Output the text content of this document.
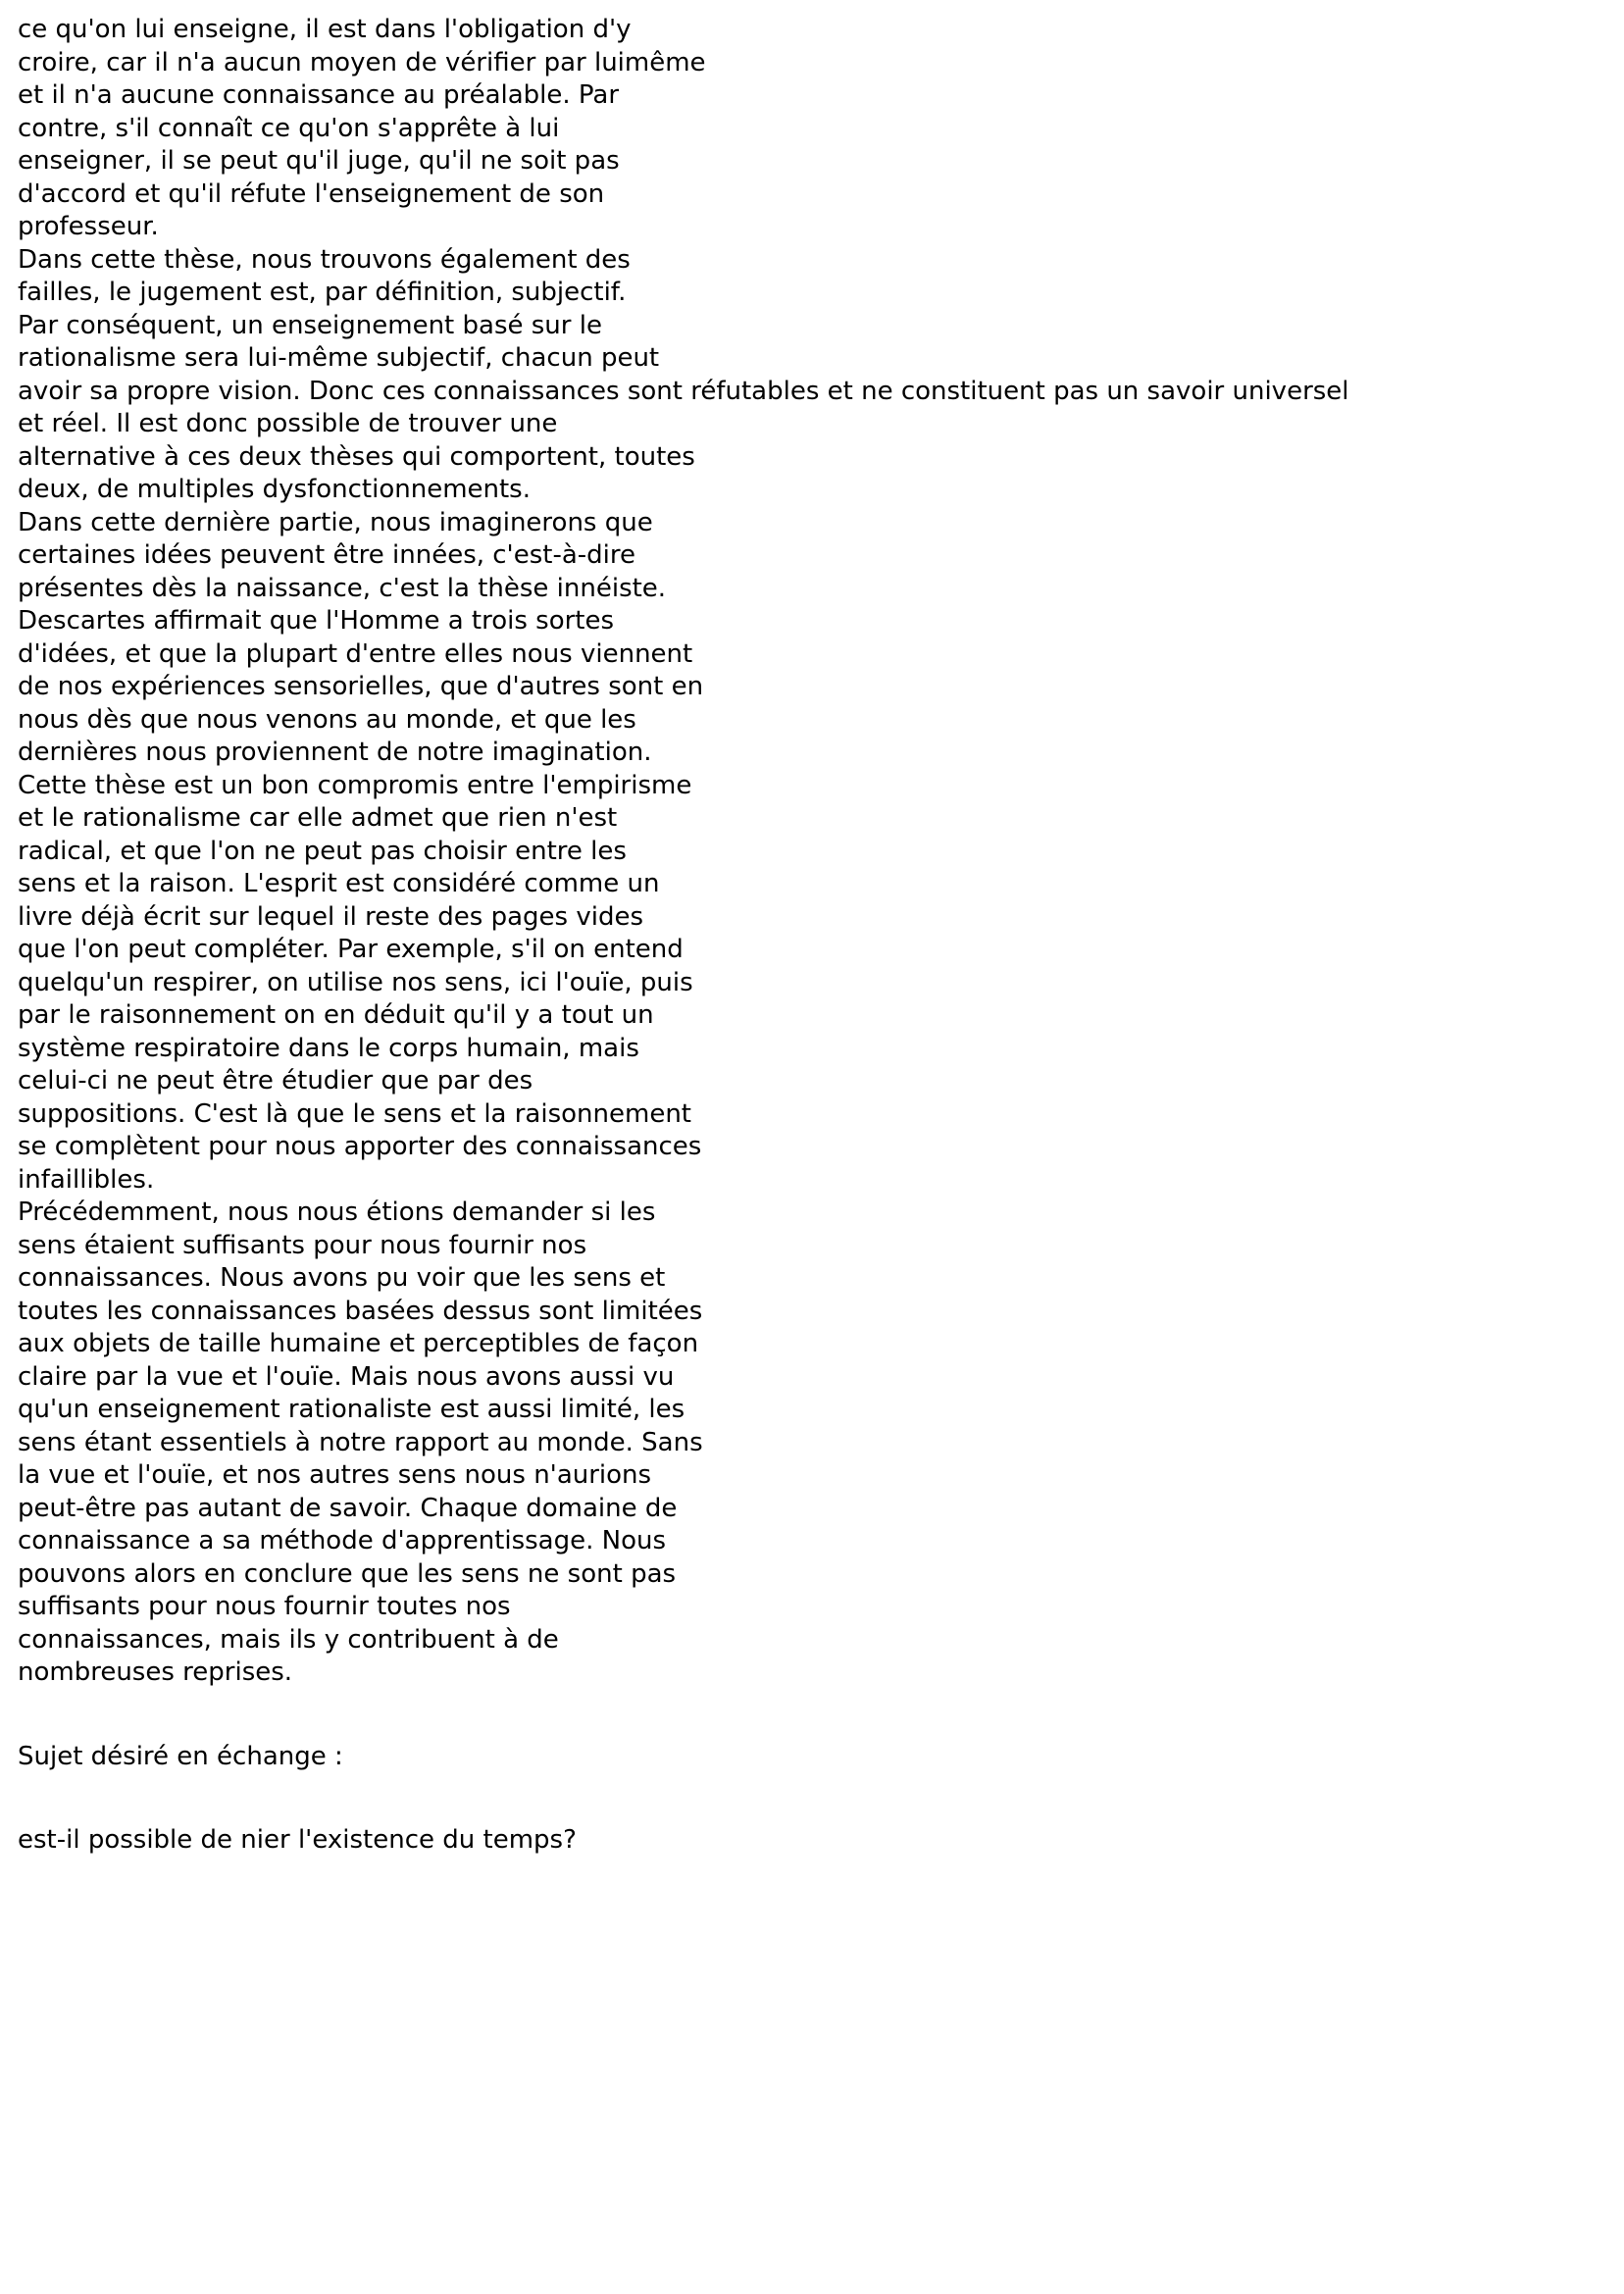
ce qu'on lui enseigne, il est dans l'obligation d'y
croire, car il n'a aucun moyen de vérifier par luimême
et il n'a aucune connaissance au préalable. Par
contre, s'il connaît ce qu'on s'apprête à lui
enseigner, il se peut qu'il juge, qu'il ne soit pas
d'accord et qu'il réfute l'enseignement de son
professeur.
Dans cette thèse, nous trouvons également des
failles, le jugement est, par définition, subjectif.
Par conséquent, un enseignement basé sur le
rationalisme sera lui-même subjectif, chacun peut
avoir sa propre vision. Donc ces connaissances sont réfutables et ne constituent pas un savoir universel
et réel. Il est donc possible de trouver une
alternative à ces deux thèses qui comportent, toutes
deux, de multiples dysfonctionnements.
Dans cette dernière partie, nous imaginerons que
certaines idées peuvent être innées, c'est-à-dire
présentes dès la naissance, c'est la thèse innéiste.
Descartes affirmait que l'Homme a trois sortes
d'idées, et que la plupart d'entre elles nous viennent
de nos expériences sensorielles, que d'autres sont en
nous dès que nous venons au monde, et que les
dernières nous proviennent de notre imagination.
Cette thèse est un bon compromis entre l'empirisme
et le rationalisme car elle admet que rien n'est
radical, et que l'on ne peut pas choisir entre les
sens et la raison. L'esprit est considéré comme un
livre déjà écrit sur lequel il reste des pages vides
que l'on peut compléter. Par exemple, s'il on entend
quelqu'un respirer, on utilise nos sens, ici l'ouïe, puis
par le raisonnement on en déduit qu'il y a tout un
système respiratoire dans le corps humain, mais
celui-ci ne peut être étudier que par des
suppositions. C'est là que le sens et la raisonnement
se complètent pour nous apporter des connaissances
infaillibles.
Précédemment, nous nous étions demander si les
sens étaient suffisants pour nous fournir nos
connaissances. Nous avons pu voir que les sens et
toutes les connaissances basées dessus sont limitées
aux objets de taille humaine et perceptibles de façon
claire par la vue et l'ouïe. Mais nous avons aussi vu
qu'un enseignement rationaliste est aussi limité, les
sens étant essentiels à notre rapport au monde. Sans
la vue et l'ouïe, et nos autres sens nous n'aurions
peut-être pas autant de savoir. Chaque domaine de
connaissance a sa méthode d'apprentissage. Nous
pouvons alors en conclure que les sens ne sont pas
suffisants pour nous fournir toutes nos
connaissances, mais ils y contribuent à de
nombreuses reprises.
Sujet désiré en échange :
est-il possible de nier l'existence du temps?
